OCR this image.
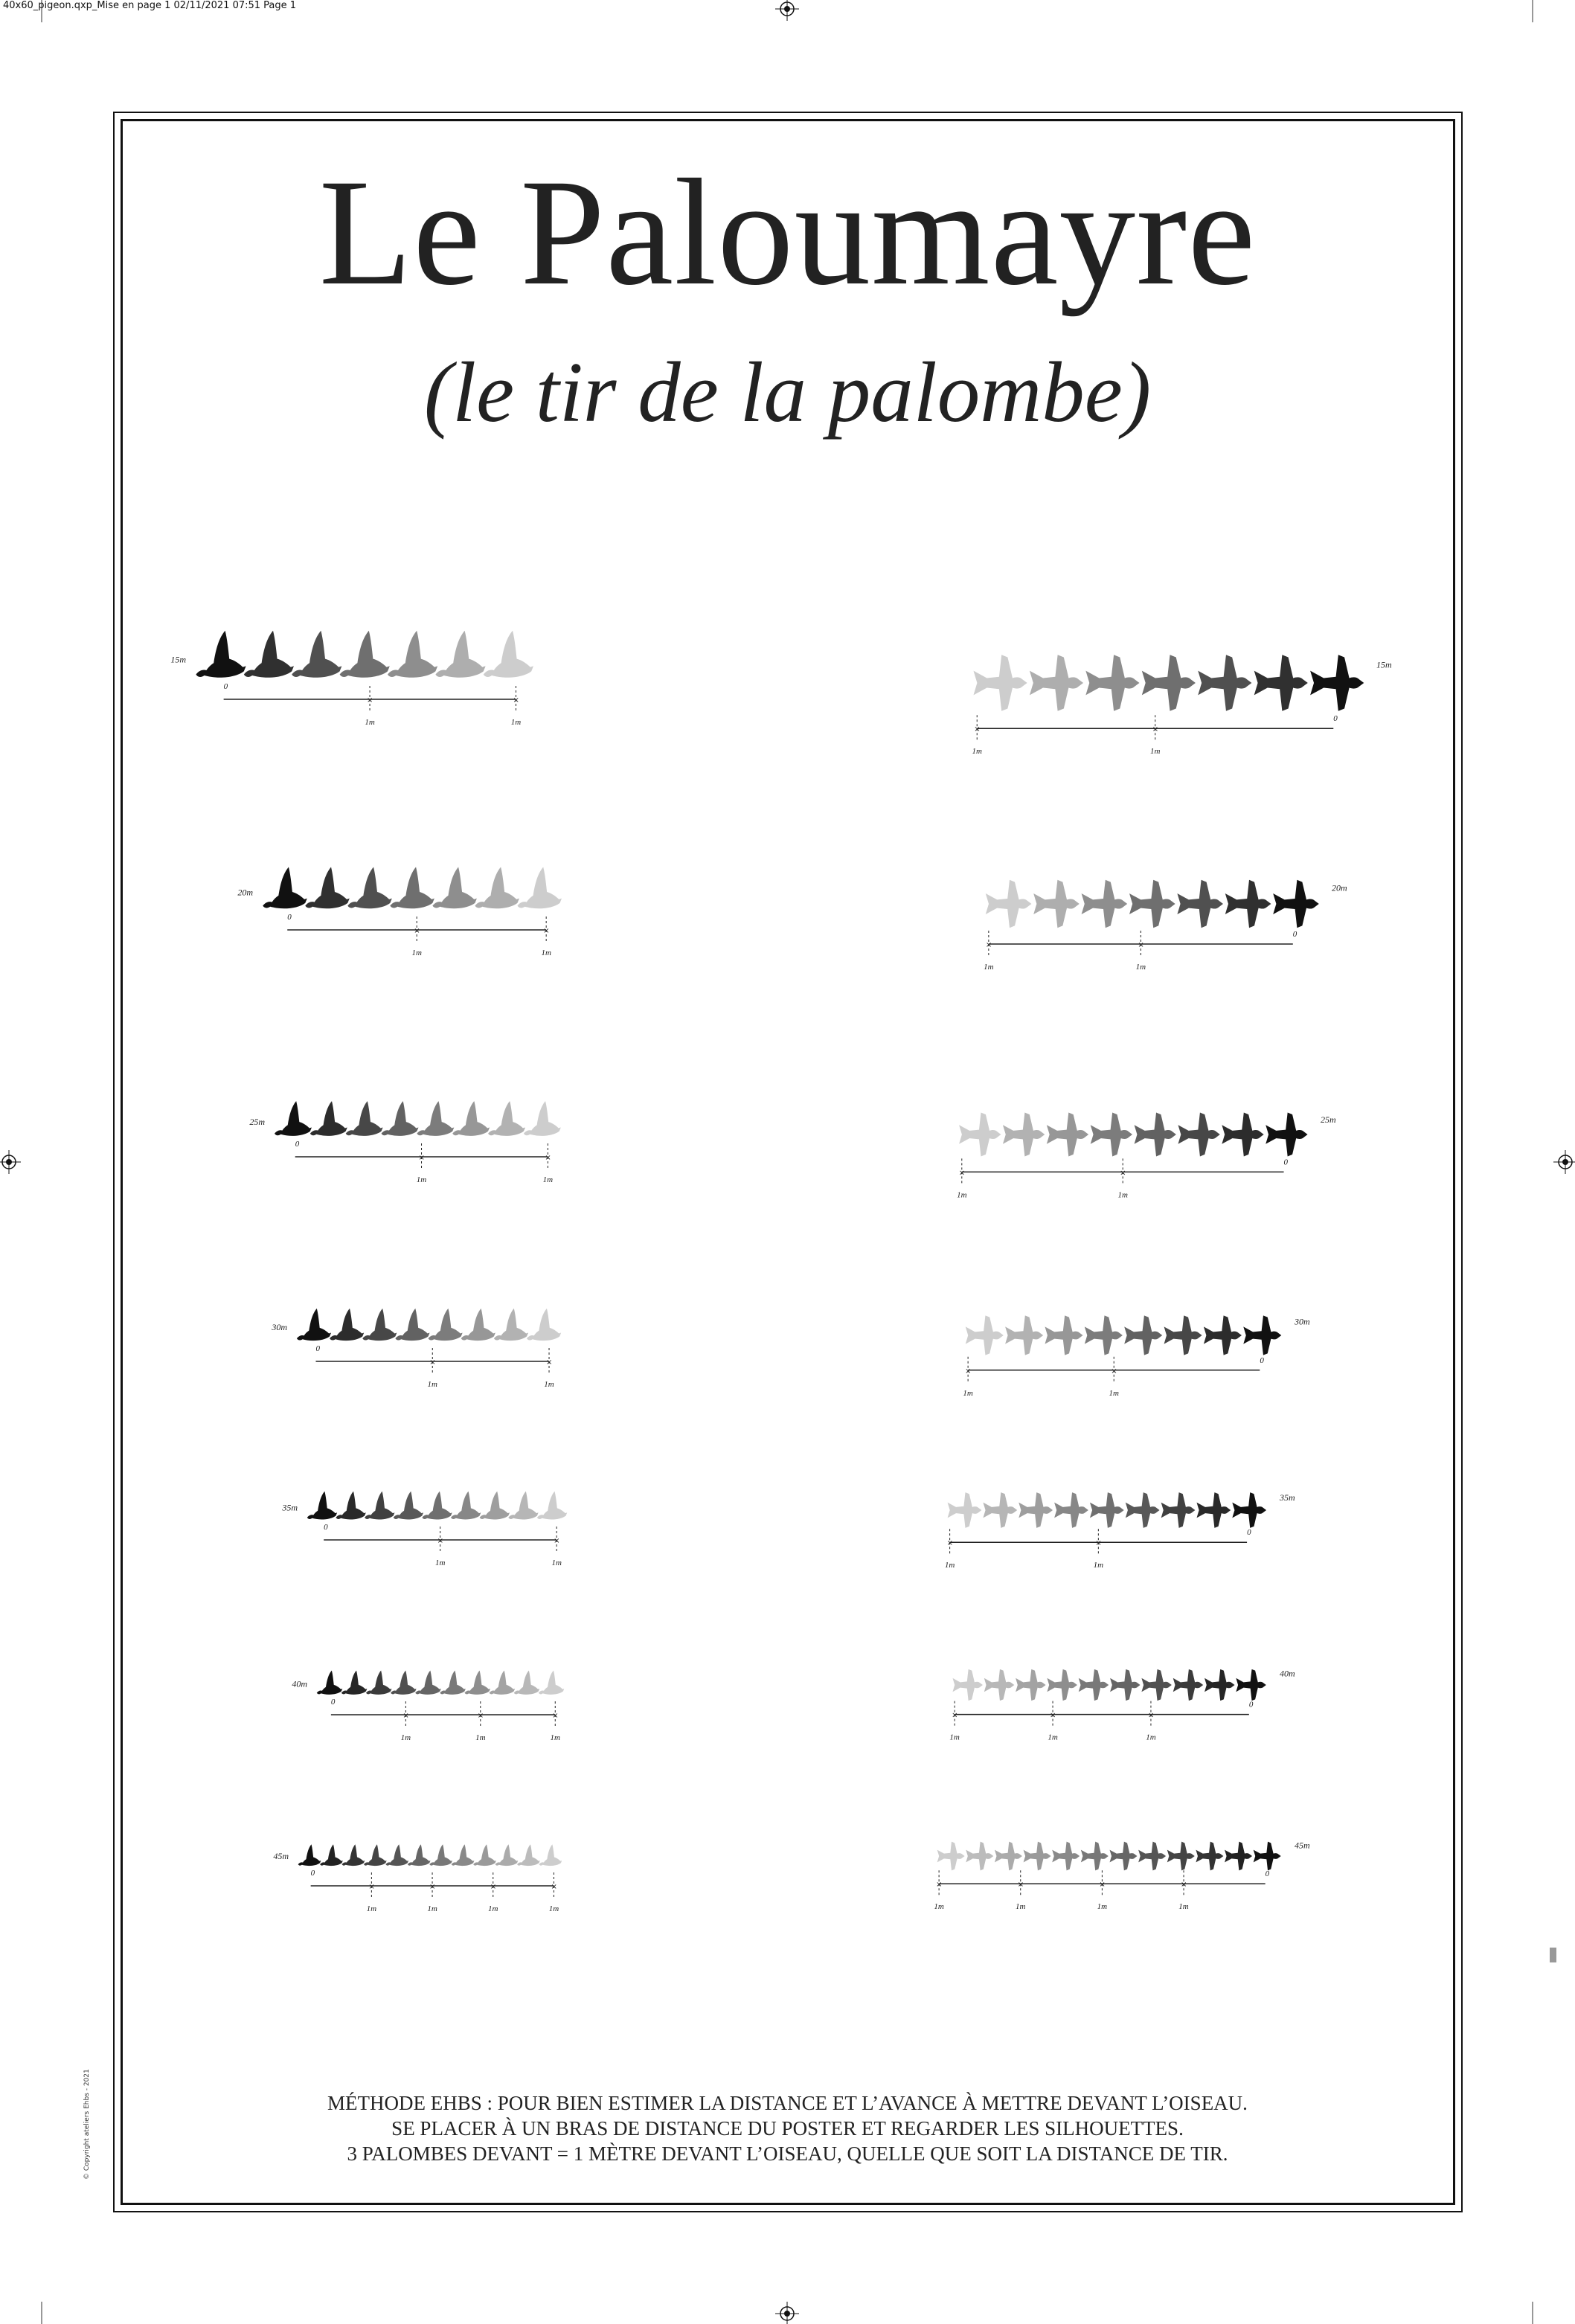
40x60_pigeon.qxp_Mise en page 1 02/11/2021 07:51 Page 1
Le Paloumayre
(le tir de la palombe)
15m
0
×
1m
×
1m
15m
0
×
1m
×
1m
20m
0
×
1m
×
1m
20m
0
×
1m
×
1m
25m
0
×
1m
×
1m
25m
0
×
1m
×
1m
30m
0
×
1m
×
1m
30m
0
×
1m
×
1m
35m
0
×
1m
×
1m
35m
0
×
1m
×
1m
40m
0
×
1m
×
1m
×
1m
40m
0
×
1m
×
1m
×
1m
45m
0
×
1m
×
1m
×
1m
×
1m
45m
0
×
1m
×
1m
×
1m
×
1m
MÉTHODE EHBS : POUR BIEN ESTIMER LA DISTANCE ET L’AVANCE À METTRE DEVANT L’OISEAU.
SE PLACER À UN BRAS DE DISTANCE DU POSTER ET REGARDER LES SILHOUETTES.
3 PALOMBES DEVANT = 1 MÈTRE DEVANT L’OISEAU, QUELLE QUE SOIT LA DISTANCE DE TIR.
© Copyright ateliers Ehbs - 2021
